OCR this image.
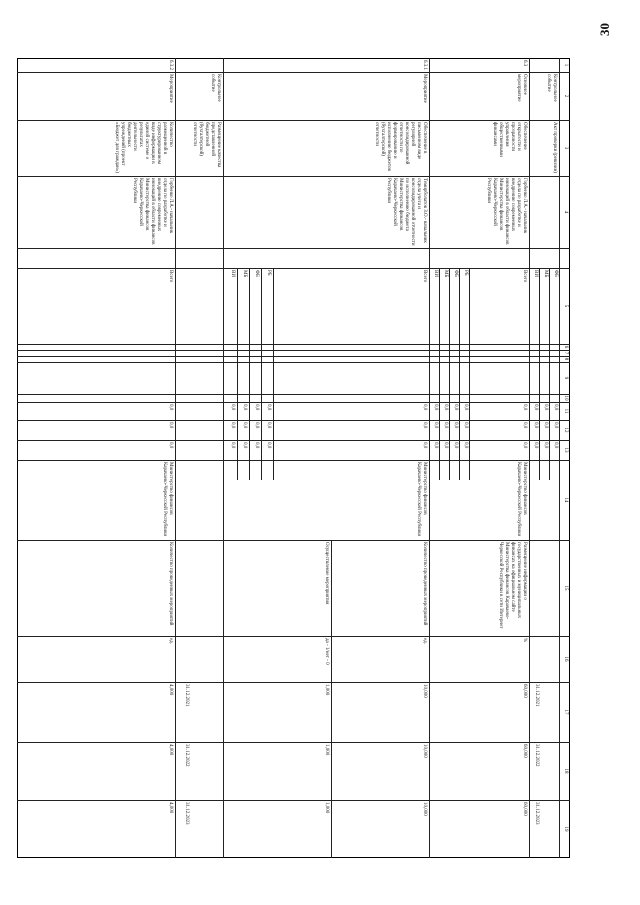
30
1
2
3
4
5
6
7
8
9
10
11
12
13
14
15
16
17
18
19
Контрольное событие
Акт проверки (ревизии)
ФБ
МБ
ВИ
0,0
0,0
0,0
0,0
0,0
0,0
0,0
0,0
0,0
31.12.2021
31.12.2022
31.12.2023
6.3
Основное мероприятие
Обеспечение открытости и прозрачности управления общественными финансами
Горбенко Л.А.- начальник отдела по разработке и внедрению современных инноваций в области финансов Министерства финансов Карачаево-Черкесской Республики
Всего
РБ
ФБ
МБ
ВИ
0,0
0,0
0,0
0,0
0,0
0,0
0,0
0,0
0,0
0,0
0,0
0,0
0,0
0,0
0,0
Министерство финансов Карачаево-Черкесской Республики
Размещение информации о государственных и муниципальных финансах на официальном сайте Министерства финансов Карачаево-Черкесской Республики в сети Интернет
%
60,000
60,000
60,000
6.3.1
Мероприятие
Обеспечение в письменном виде регулярной консолидированной отчетности по формированию и исполнению бюджетов (бухгалтерской) отчетности
Темирболатов З.О.- начальник отдела учета и консолидированной отчетности по исполнению бюджета Министерства финансов Карачаево-Черкесской Республики
Всего
РБ
ФБ
МБ
ВИ
0,0
0,0
0,0
0,0
0,0
0,0
0,0
0,0
0,0
0,0
0,0
0,0
0,0
0,0
0,0
Министерство финансов Карачаево-Черкесской Республики
Количество проведенных мероприятий
ед.
10,000
10,000
10,000
Осуществление мероприятия
да - 1/нет - 0
1,000
1,000
1,000
Контрольное событие
Размещение качества представленной бюджетной (бухгалтерской) отчетности
31.12.2021
31.12.2022
31.12.2023
6.3.2
Мероприятие
Количество размещенной в структурированном виде информации в единой системе о результатах деятельности бюджетных учреждений (проект «Бюджет для граждан»)
Горбенко Л.А.- начальник отдела по разработке и внедрению современных инноваций в области финансов Министерства финансов Карачаево-Черкесской Республики
Всего
0,0
0,0
0,0
Министерство финансов Карачаево-Черкесской Республики
Количество проведенных мероприятий
ед.
4,000
4,000
4,000
